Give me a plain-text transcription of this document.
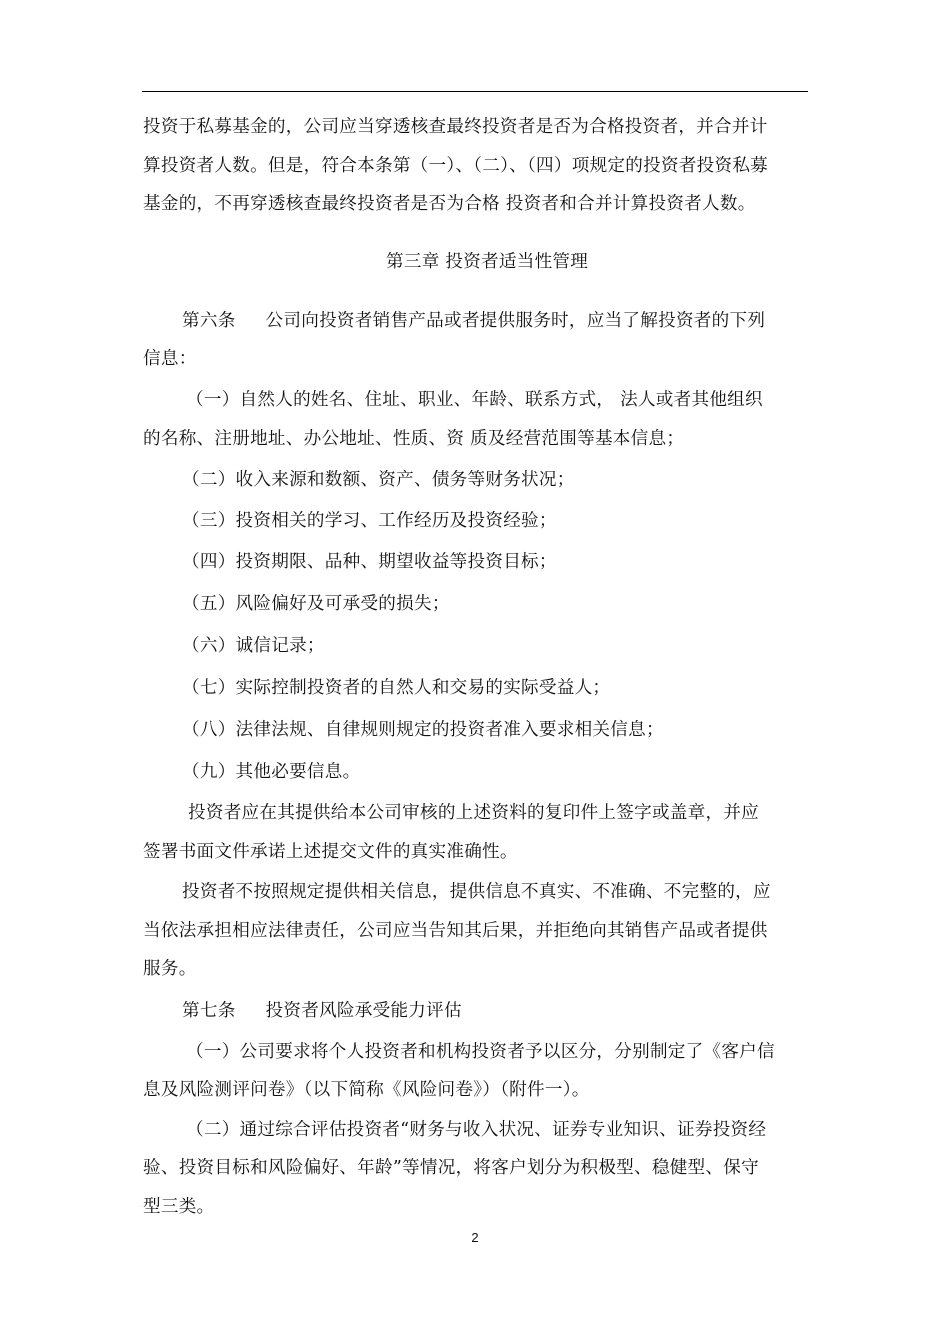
投资于私募基金的，公司应当穿透核查最终投资者是否为合格投资者，并合并计

算投资者人数。但是，符合本条第（一）、（二）、（四）项规定的投资者投资私募

基金的，不再穿透核查最终投资者是否为合格 投资者和合并计算投资者人数。

第三章 投资者适当性管理

第六条 公司向投资者销售产品或者提供服务时，应当了解投资者的下列

信息：

（一）自然人的姓名、住址、职业、年龄、联系方式， 法人或者其他组织

的名称、注册地址、办公地址、性质、资 质及经营范围等基本信息；

（二）收入来源和数额、资产、债务等财务状况；

（三）投资相关的学习、工作经历及投资经验；

（四）投资期限、品种、期望收益等投资目标；

（五）风险偏好及可承受的损失；

（六）诚信记录；

（七）实际控制投资者的自然人和交易的实际受益人；

（八）法律法规、自律规则规定的投资者准入要求相关信息；

（九）其他必要信息。

投资者应在其提供给本公司审核的上述资料的复印件上签字或盖章，并应

签署书面文件承诺上述提交文件的真实准确性。

投资者不按照规定提供相关信息，提供信息不真实、不准确、不完整的，应

当依法承担相应法律责任，公司应当告知其后果，并拒绝向其销售产品或者提供

服务。

第七条 投资者风险承受能力评估

（一）公司要求将个人投资者和机构投资者予以区分，分别制定了《客户信

息及风险测评问卷》（以下简称《风险问卷》）（附件一）。

（二）通过综合评估投资者“财务与收入状况、证券专业知识、证券投资经

验、投资目标和风险偏好、年龄”等情况，将客户划分为积极型、稳健型、保守

型三类。

2
